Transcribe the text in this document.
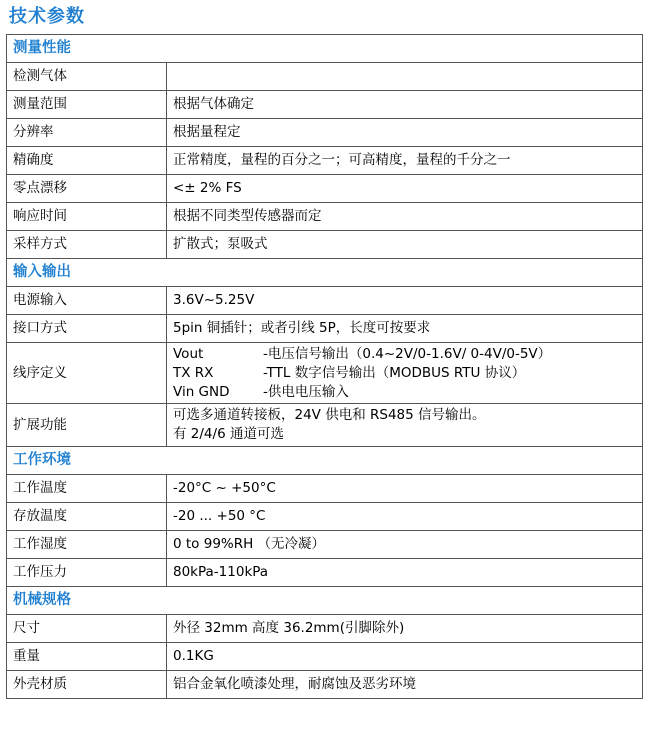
技术参数
测量性能	
检测气体	
测量范围	根据气体确定
分辨率	根据量程定
精确度	正常精度，量程的百分之一；可高精度，量程的千分之一
零点漂移	<± 2% FS
响应时间	根据不同类型传感器而定
采样方式	扩散式；泵吸式
输入输出	
电源输入	3.6V~5.25V
接口方式	5pin 铜插针；或者引线 5P，长度可按要求
线序定义	Vout -电压信号输出（0.4~2V/0-1.6V/ 0-4V/0-5V）
TX RX -TTL 数字信号输出（MODBUS RTU 协议）
Vin GND -供电电压输入

扩展功能	可选多通道转接板，24V 供电和 RS485 信号输出。
有 2/4/6 通道可选

工作环境	
工作温度	-20°C ~ +50°C
存放温度	-20 ... +50 °C
工作湿度	0 to 99%RH （无冷凝）
工作压力	80kPa-110kPa
机械规格	
尺寸	外径 32mm 高度 36.2mm(引脚除外)
重量	0.1KG
外壳材质	铝合金氧化喷漆处理，耐腐蚀及恶劣环境
